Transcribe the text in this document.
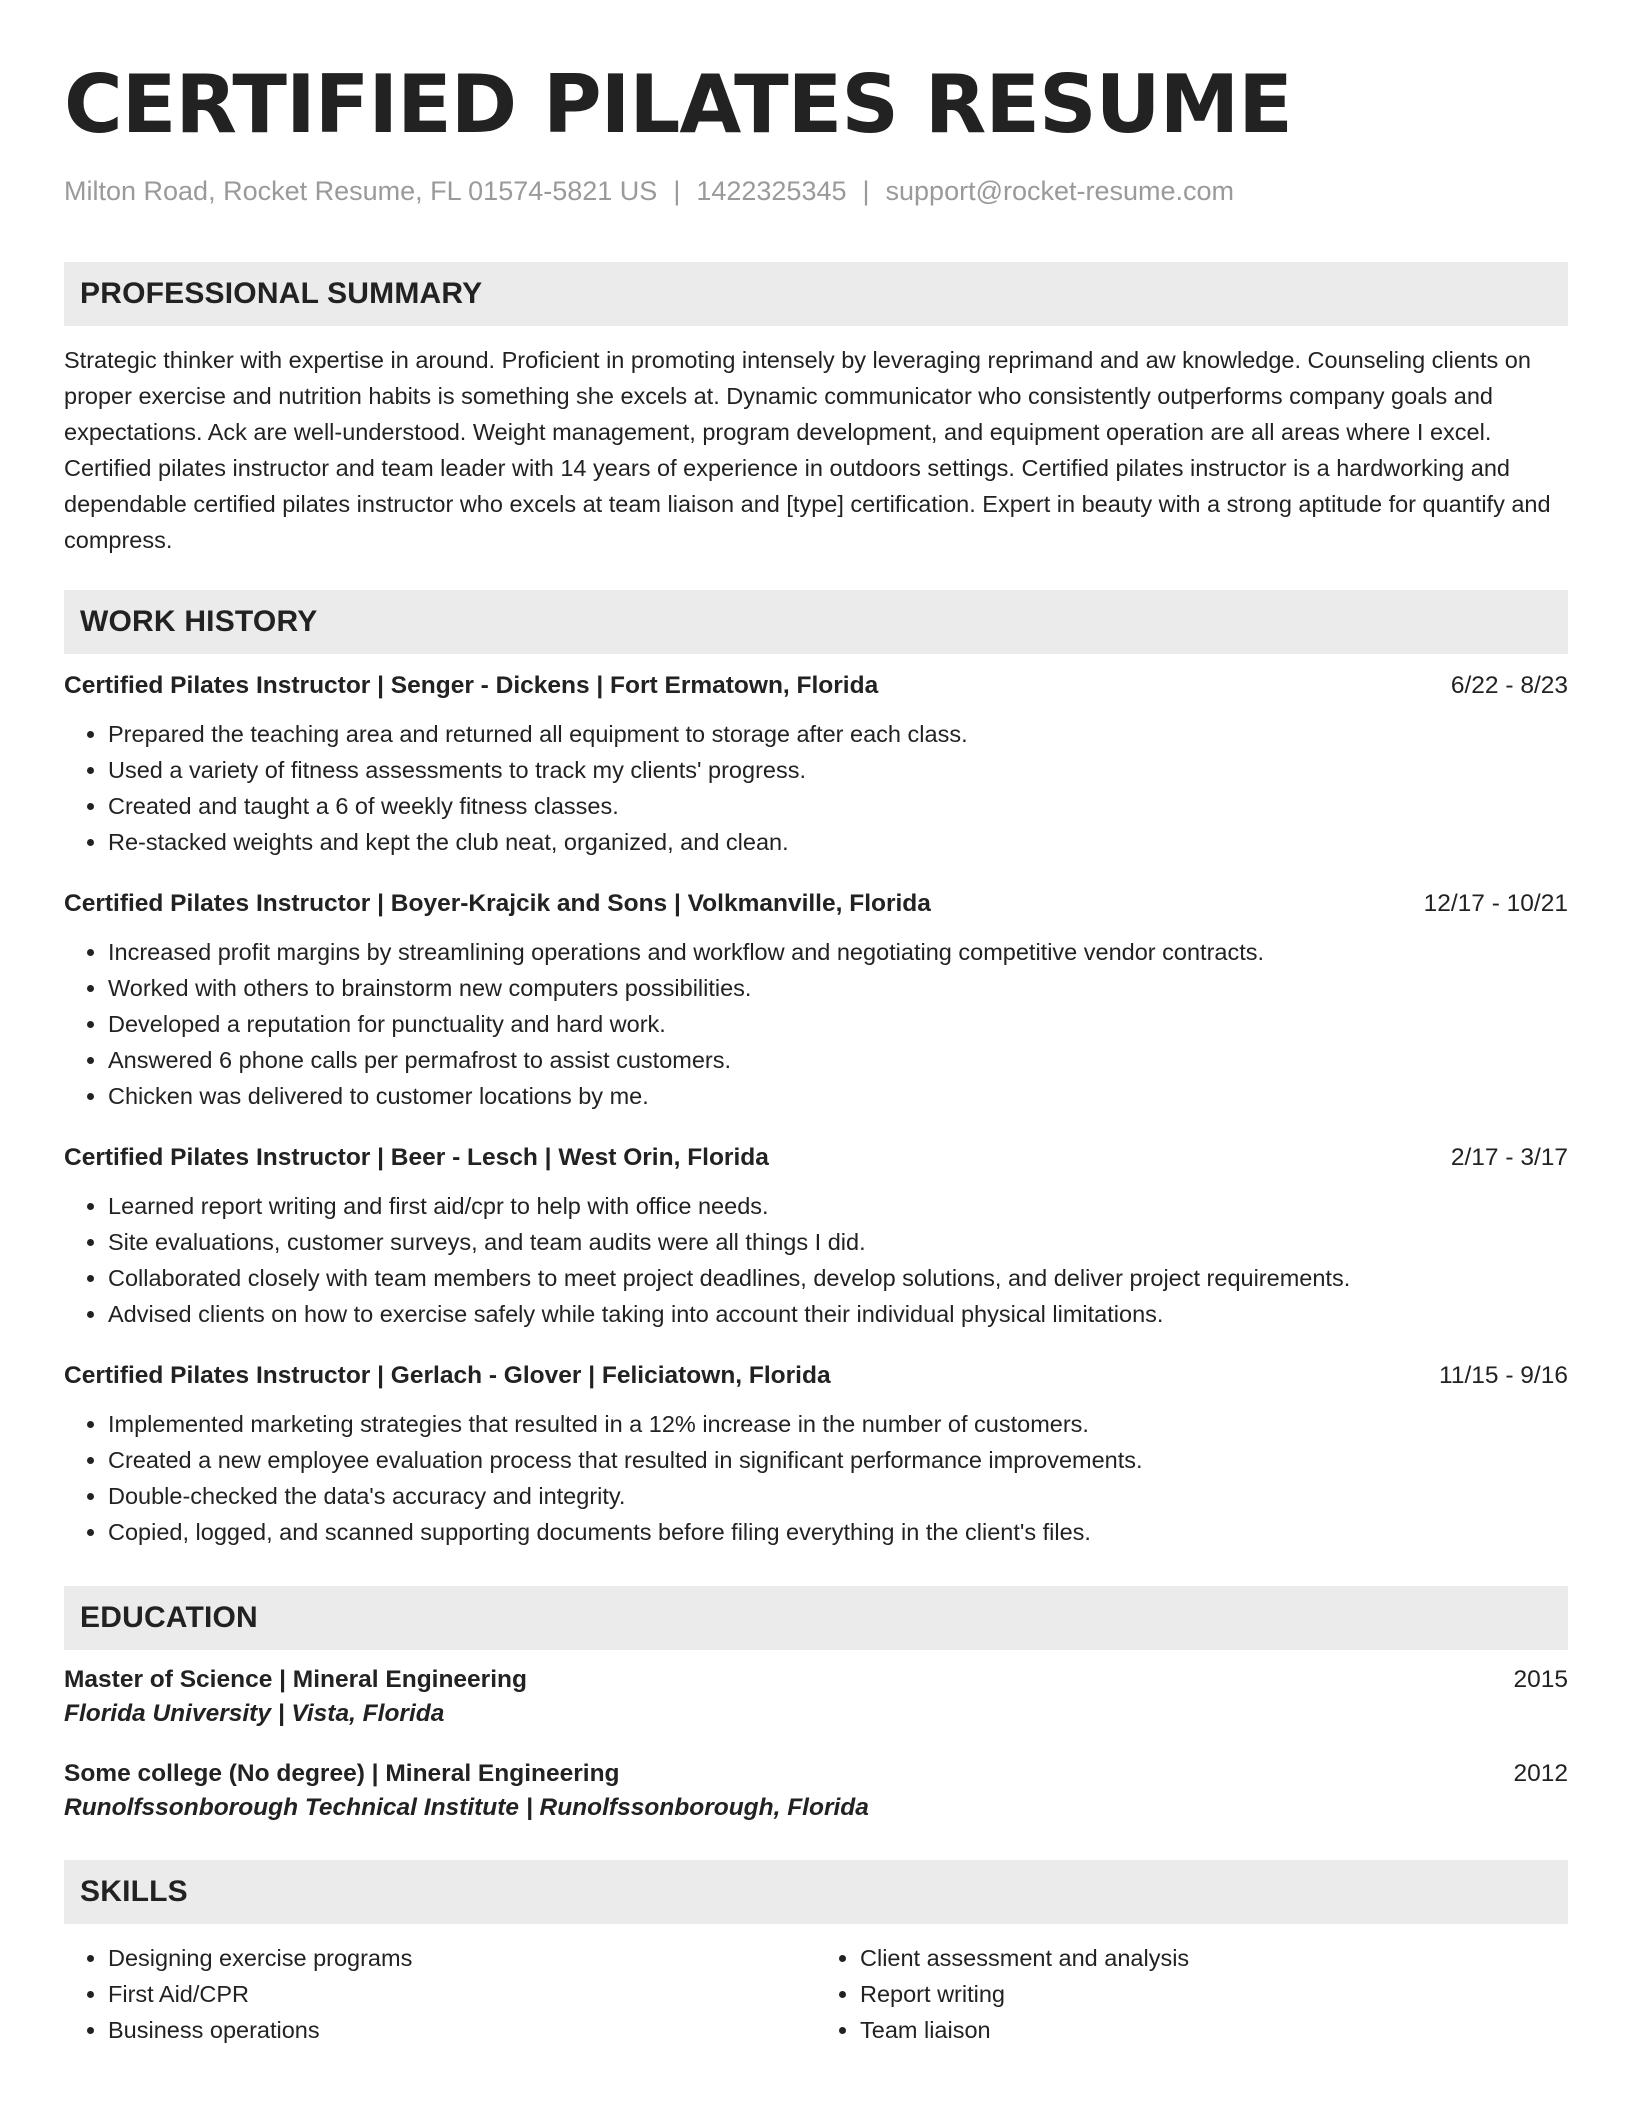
CERTIFIED PILATES RESUME
Milton Road, Rocket Resume, FL 01574-5821 US | 1422325345 | support@rocket-resume.com
PROFESSIONAL SUMMARY
Strategic thinker with expertise in around. Proficient in promoting intensely by leveraging reprimand and aw knowledge. Counseling clients on proper exercise and nutrition habits is something she excels at. Dynamic communicator who consistently outperforms company goals and expectations. Ack are well-understood. Weight management, program development, and equipment operation are all areas where I excel. Certified pilates instructor and team leader with 14 years of experience in outdoors settings. Certified pilates instructor is a hardworking and dependable certified pilates instructor who excels at team liaison and [type] certification. Expert in beauty with a strong aptitude for quantify and compress.
WORK HISTORY
Certified Pilates Instructor | Senger - Dickens | Fort Ermatown, Florida	6/22 - 8/23
• Prepared the teaching area and returned all equipment to storage after each class.
• Used a variety of fitness assessments to track my clients' progress.
• Created and taught a 6 of weekly fitness classes.
• Re-stacked weights and kept the club neat, organized, and clean.
Certified Pilates Instructor | Boyer-Krajcik and Sons | Volkmanville, Florida	12/17 - 10/21
• Increased profit margins by streamlining operations and workflow and negotiating competitive vendor contracts.
• Worked with others to brainstorm new computers possibilities.
• Developed a reputation for punctuality and hard work.
• Answered 6 phone calls per permafrost to assist customers.
• Chicken was delivered to customer locations by me.
Certified Pilates Instructor | Beer - Lesch | West Orin, Florida	2/17 - 3/17
• Learned report writing and first aid/cpr to help with office needs.
• Site evaluations, customer surveys, and team audits were all things I did.
• Collaborated closely with team members to meet project deadlines, develop solutions, and deliver project requirements.
• Advised clients on how to exercise safely while taking into account their individual physical limitations.
Certified Pilates Instructor | Gerlach - Glover | Feliciatown, Florida	11/15 - 9/16
• Implemented marketing strategies that resulted in a 12% increase in the number of customers.
• Created a new employee evaluation process that resulted in significant performance improvements.
• Double-checked the data's accuracy and integrity.
• Copied, logged, and scanned supporting documents before filing everything in the client's files.
EDUCATION
Master of Science | Mineral Engineering	2015
Florida University | Vista, Florida
Some college (No degree) | Mineral Engineering	2012
Runolfssonborough Technical Institute | Runolfssonborough, Florida
SKILLS
• Designing exercise programs
• First Aid/CPR
• Business operations
• Client assessment and analysis
• Report writing
• Team liaison
